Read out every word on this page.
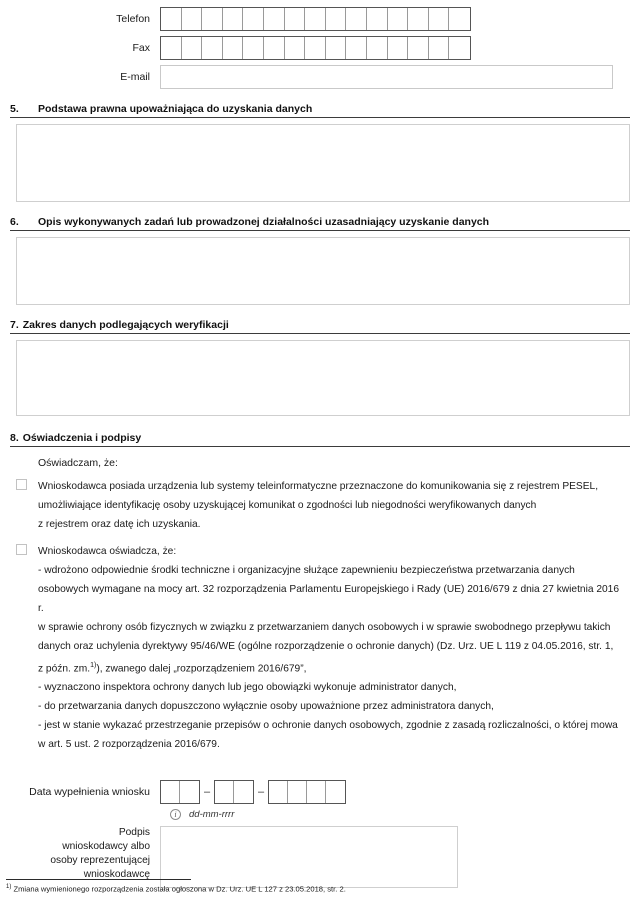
Telefon
Fax
E-mail
5.	Podstawa prawna upoważniająca do uzyskania danych
6.	Opis wykonywanych zadań lub prowadzonej działalności uzasadniający uzyskanie danych
7. Zakres danych podlegających weryfikacji
8. Oświadczenia i podpisy
Oświadczam, że:

Wnioskodawca posiada urządzenia lub systemy teleinformatyczne przeznaczone do komunikowania się z rejestrem PESEL,

umożliwiające identyfikację osoby uzyskującej komunikat o zgodności lub niegodności weryfikowanych danych

z rejestrem oraz datę ich uzyskania.

Wnioskodawca oświadcza, że:

- wdrożono odpowiednie środki techniczne i organizacyjne służące zapewnieniu bezpieczeństwa przetwarzania danych

osobowych wymagane na mocy art. 32 rozporządzenia Parlamentu Europejskiego i Rady (UE) 2016/679 z dnia 27 kwietnia 2016 r.

w sprawie ochrony osób fizycznych w związku z przetwarzaniem danych osobowych i w sprawie swobodnego przepływu takich

danych oraz uchylenia dyrektywy 95/46/WE (ogólne rozporządzenie o ochronie danych) (Dz. Urz. UE L 119 z 04.05.2016, str. 1,

z późn. zm.$^{1)}$), zwanego dalej „rozporządzeniem 2016/679”,

- wyznaczono inspektora ochrony danych lub jego obowiązki wykonuje administrator danych,

- do przetwarzania danych dopuszczono wyłącznie osoby upoważnione przez administratora danych,

- jest w stanie wykazać przestrzeganie przepisów o ochronie danych osobowych, zgodnie z zasadą rozliczalności, o której mowa

w art. 5 ust. 2 rozporządzenia 2016/679.

Data wypełnienia wniosku	–	–
i	dd-mm-rrrr
Podpis
wnioskodawcy albo
osoby reprezentującej
wnioskodawcę
$^{1)}$ Zmiana wymienionego rozporządzenia została ogłoszona w Dz. Urz. UE L 127 z 23.05.2018, str. 2.
